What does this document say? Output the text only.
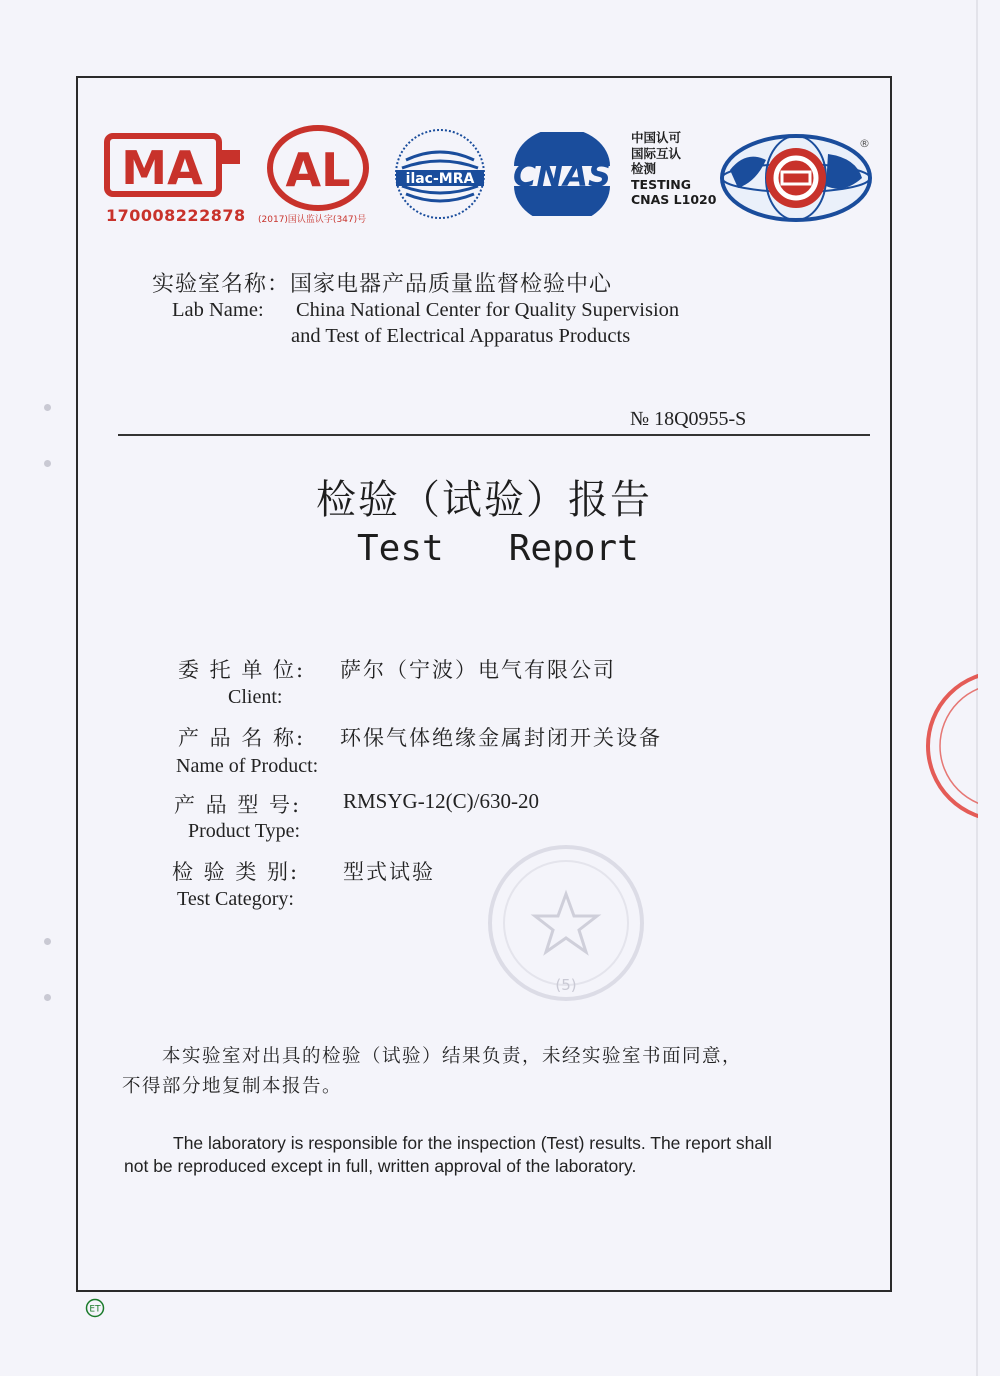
MA
170008222878
AL
(2017)国认监认字(347)号
ilac-MRA CNAS
中国认可
国际互认
检测
TESTING
CNAS L1020
®
实验室名称：国家电器产品质量监督检验中心
Lab Name: China National Center for Quality Supervision
and Test of Electrical Apparatus Products
№ 18Q0955-S
检验（试验）报告
Test   Report
委 托 单 位: 萨尔（宁波）电气有限公司
Client:
产 品 名 称: 环保气体绝缘金属封闭开关设备
Name of Product:
产 品 型 号: RMSYG-12(C)/630-20
Product Type:
检 验 类 别: 型式试验
Test Category:
(5)
本实验室对出具的检验（试验）结果负责，未经实验室书面同意，
不得部分地复制本报告。
The laboratory is responsible for the inspection (Test) results. The report shall
not be reproduced except in full, written approval of the laboratory.
ET
